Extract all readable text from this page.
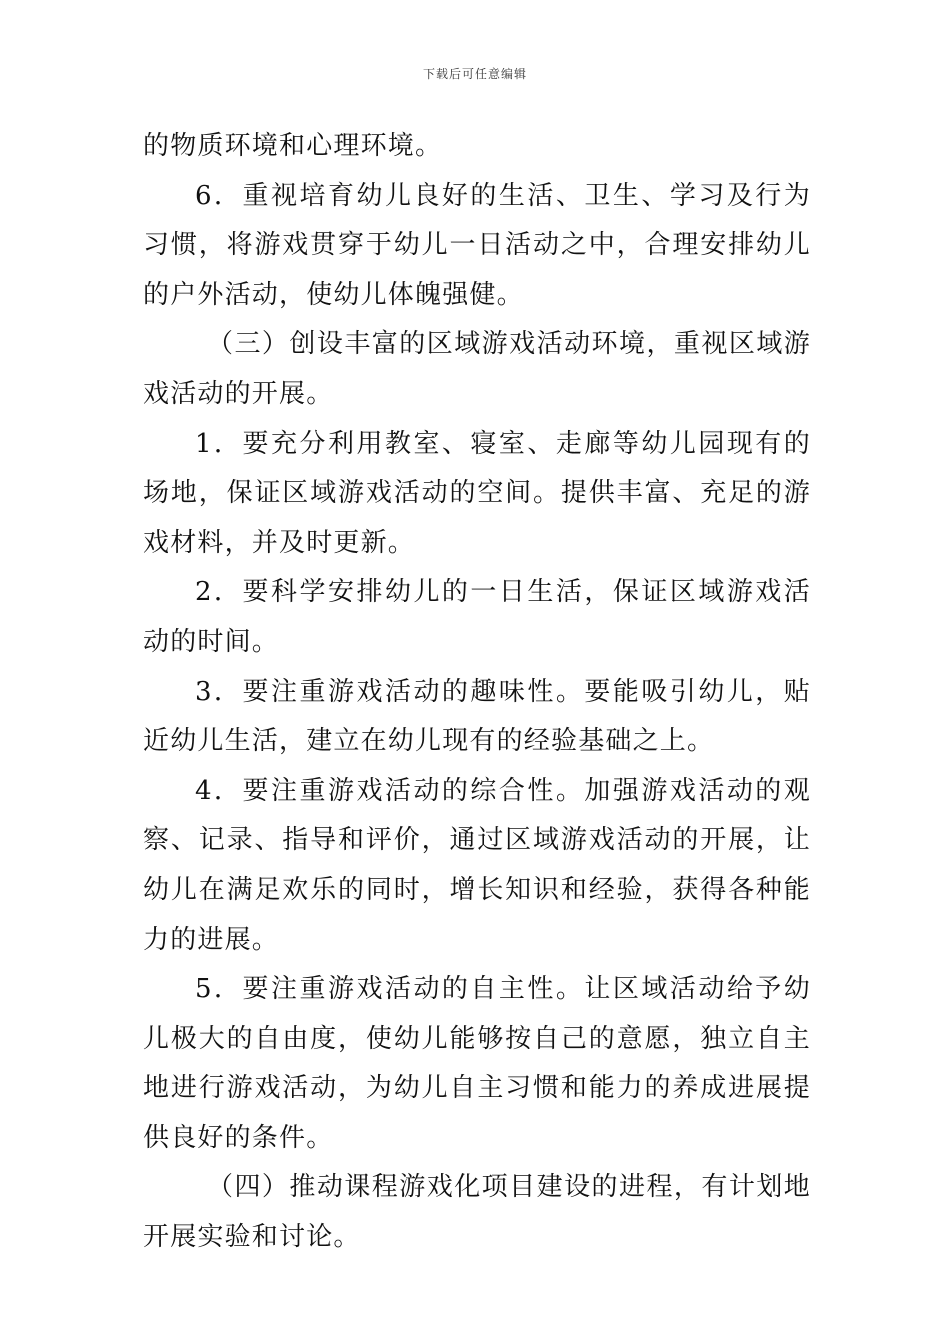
下载后可任意编辑

的物质环境和心理环境。

6．重视培育幼儿良好的生活、卫生、学习及行为习惯，将游戏贯穿于幼儿一日活动之中，合理安排幼儿的户外活动，使幼儿体魄强健。

（三）创设丰富的区域游戏活动环境，重视区域游戏活动的开展。

1．要充分利用教室、寝室、走廊等幼儿园现有的场地，保证区域游戏活动的空间。提供丰富、充足的游戏材料，并及时更新。

2．要科学安排幼儿的一日生活，保证区域游戏活动的时间。

3．要注重游戏活动的趣味性。要能吸引幼儿，贴近幼儿生活，建立在幼儿现有的经验基础之上。

4．要注重游戏活动的综合性。加强游戏活动的观察、记录、指导和评价，通过区域游戏活动的开展，让幼儿在满足欢乐的同时，增长知识和经验，获得各种能力的进展。

5．要注重游戏活动的自主性。让区域活动给予幼儿极大的自由度，使幼儿能够按自己的意愿，独立自主地进行游戏活动，为幼儿自主习惯和能力的养成进展提供良好的条件。

（四）推动课程游戏化项目建设的进程，有计划地开展实验和讨论。
